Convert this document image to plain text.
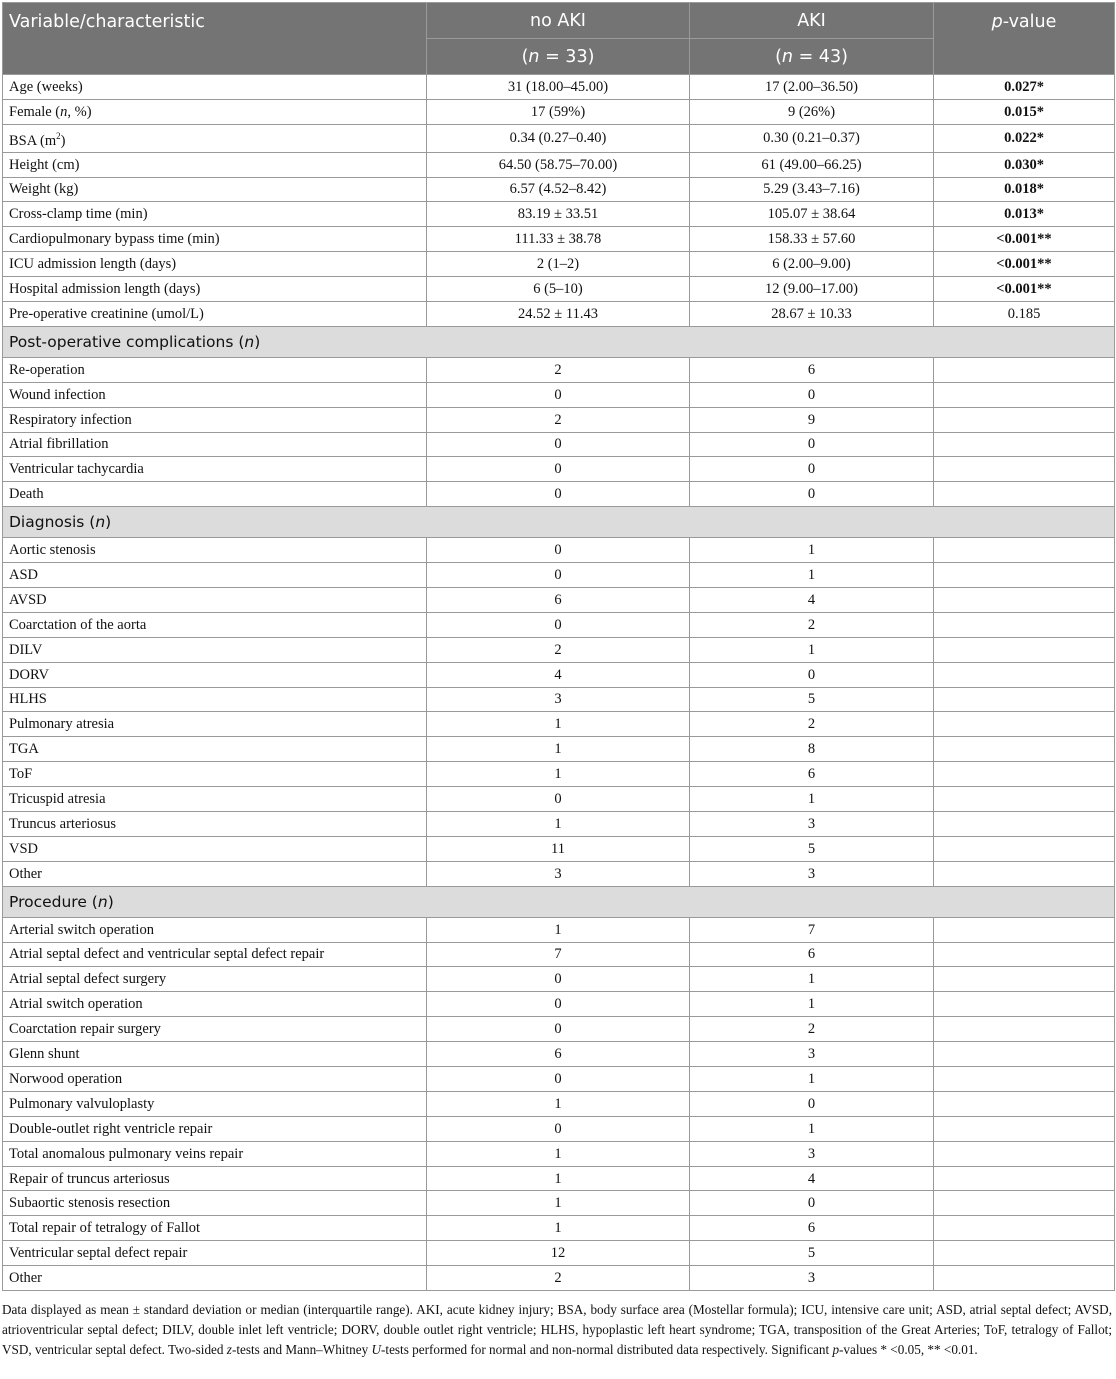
Variable/characteristic	no AKI	AKI	p-value
	(n = 33)	(n = 43)	
Age (weeks)	31 (18.00–45.00)	17 (2.00–36.50)	0.027*
Female (n, %)	17 (59%)	9 (26%)	0.015*
BSA $(m^2)$	0.34 (0.27–0.40)	0.30 (0.21–0.37)	0.022*
Height (cm)	64.50 (58.75–70.00)	61 (49.00–66.25)	0.030*
Weight (kg)	6.57 (4.52–8.42)	5.29 (3.43–7.16)	0.018*
Cross-clamp time (min)	83.19 ± 33.51	105.07 ± 38.64	0.013*
Cardiopulmonary bypass time (min)	111.33 ± 38.78	158.33 ± 57.60	<0.001**
ICU admission length (days)	2 (1–2)	6 (2.00–9.00)	<0.001**
Hospital admission length (days)	6 (5–10)	12 (9.00–17.00)	<0.001**
Pre-operative creatinine (umol/L)	24.52 ± 11.43	28.67 ± 10.33	0.185
Post-operative complications (n)			
Re-operation	2	6	
Wound infection	0	0	
Respiratory infection	2	9	
Atrial fibrillation	0	0	
Ventricular tachycardia	0	0	
Death	0	0	
Diagnosis (n)			
Aortic stenosis	0	1	
ASD	0	1	
AVSD	6	4	
Coarctation of the aorta	0	2	
DILV	2	1	
DORV	4	0	
HLHS	3	5	
Pulmonary atresia	1	2	
TGA	1	8	
ToF	1	6	
Tricuspid atresia	0	1	
Truncus arteriosus	1	3	
VSD	11	5	
Other	3	3	
Procedure (n)			
Arterial switch operation	1	7	
Atrial septal defect and ventricular septal defect repair	7	6	
Atrial septal defect surgery	0	1	
Atrial switch operation	0	1	
Coarctation repair surgery	0	2	
Glenn shunt	6	3	
Norwood operation	0	1	
Pulmonary valvuloplasty	1	0	
Double-outlet right ventricle repair	0	1	
Total anomalous pulmonary veins repair	1	3	
Repair of truncus arteriosus	1	4	
Subaortic stenosis resection	1	0	
Total repair of tetralogy of Fallot	1	6	
Ventricular septal defect repair	12	5	
Other	2	3	
Data displayed as mean ± standard deviation or median (interquartile range). AKI, acute kidney injury; BSA, body surface area (Mostellar formula); ICU, intensive care unit; ASD, atrial septal defect; AVSD, atrioventricular septal defect; DILV, double inlet left ventricle; DORV, double outlet right ventricle; HLHS, hypoplastic left heart syndrome; TGA, transposition of the Great Arteries; ToF, tetralogy of Fallot; VSD, ventricular septal defect. Two-sided z-tests and Mann–Whitney U-tests performed for normal and non-normal distributed data respectively. Significant p-values * <0.05, ** <0.01.
